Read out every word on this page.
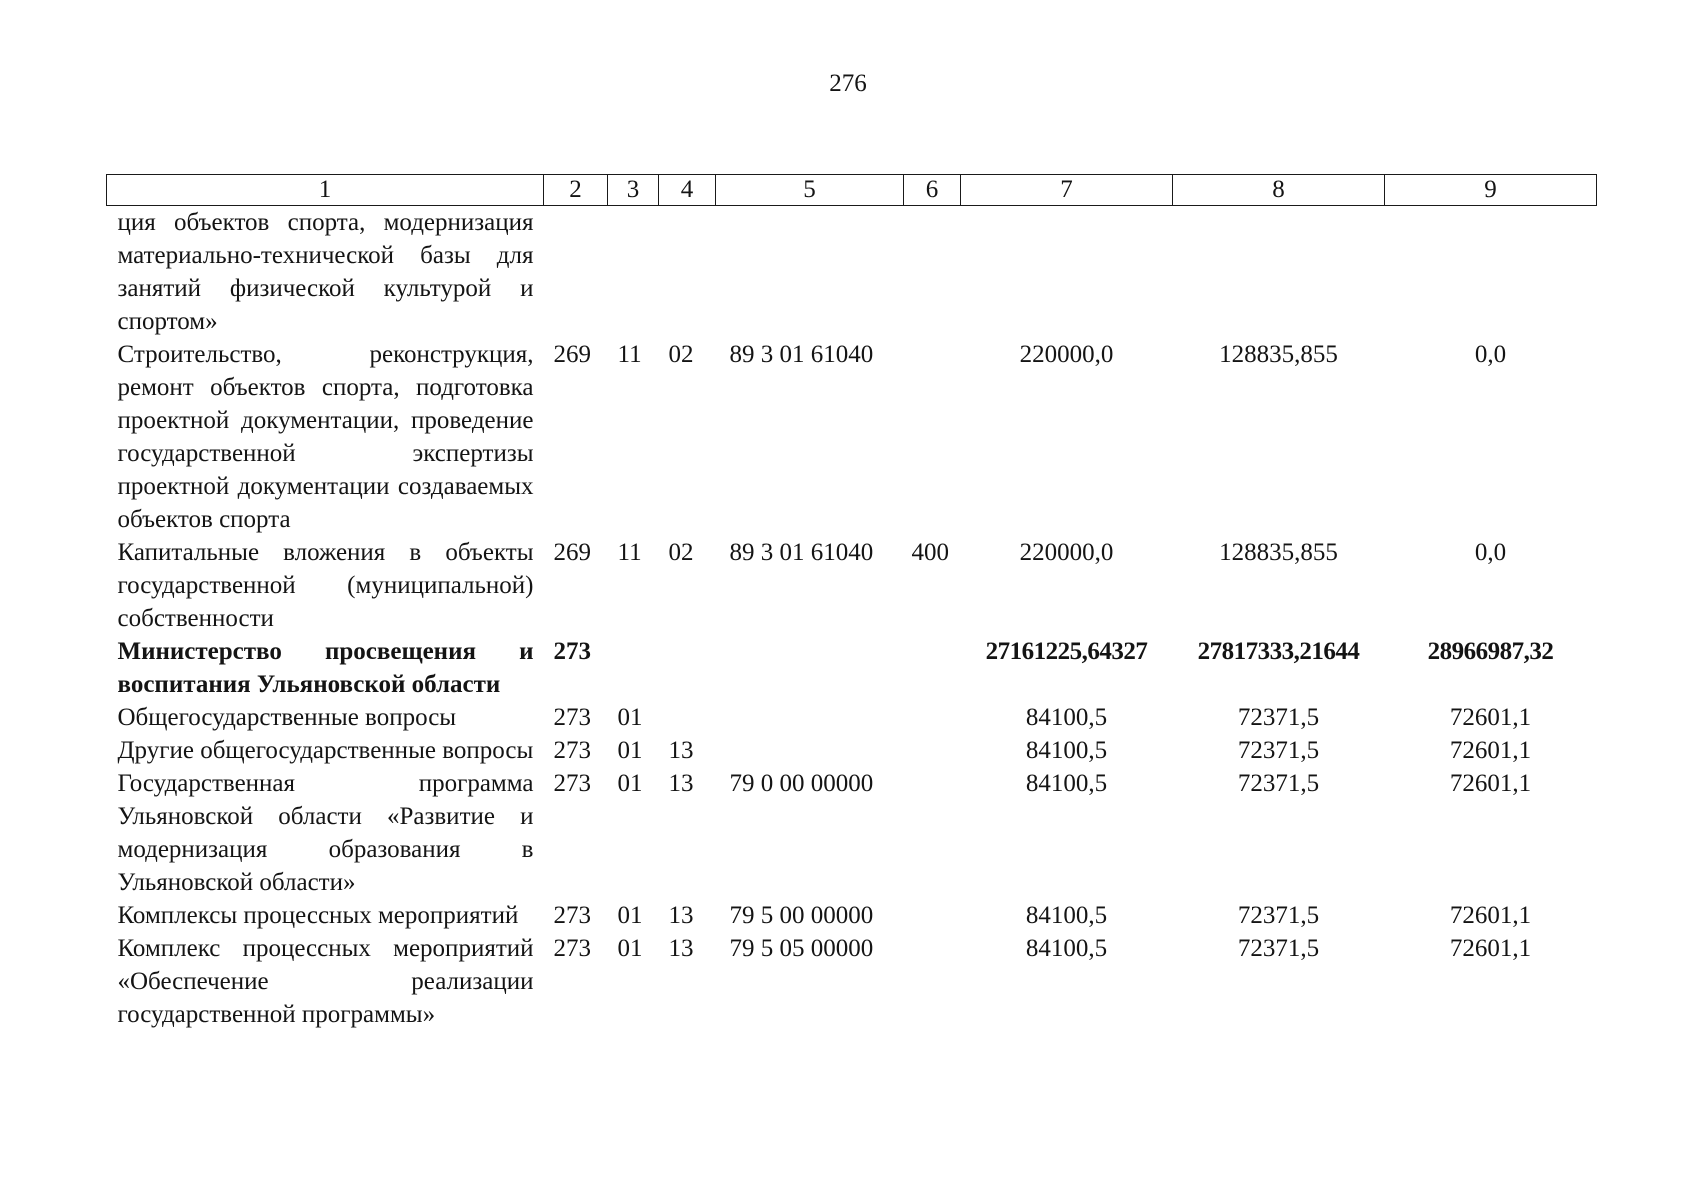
276
1	2	3	4	5	6	7	8	9
ция объектов спорта, модернизация материально-технической базы для занятий физической культурой и спортом»								
Строительство, реконструкция, ремонт объектов спорта, подготовка проектной документации, проведение государственной экспертизы проектной документации создаваемых объектов спорта	269	11	02	89 3 01 61040		220000,0	128835,855	0,0
Капитальные вложения в объекты государственной (муниципальной) собственности	269	11	02	89 3 01 61040	400	220000,0	128835,855	0,0
Министерство просвещения и воспитания Ульяновской области	273					27161225,64327	27817333,21644	28966987,32
Общегосударственные вопросы	273	01				84100,5	72371,5	72601,1
Другие общегосударственные вопросы	273	01	13			84100,5	72371,5	72601,1
Государственная программа Ульяновской области «Развитие и модернизация образования в Ульяновской области»	273	01	13	79 0 00 00000		84100,5	72371,5	72601,1
Комплексы процессных мероприятий	273	01	13	79 5 00 00000		84100,5	72371,5	72601,1
Комплекс процессных мероприятий «Обеспечение реализации государственной программы»	273	01	13	79 5 05 00000		84100,5	72371,5	72601,1
